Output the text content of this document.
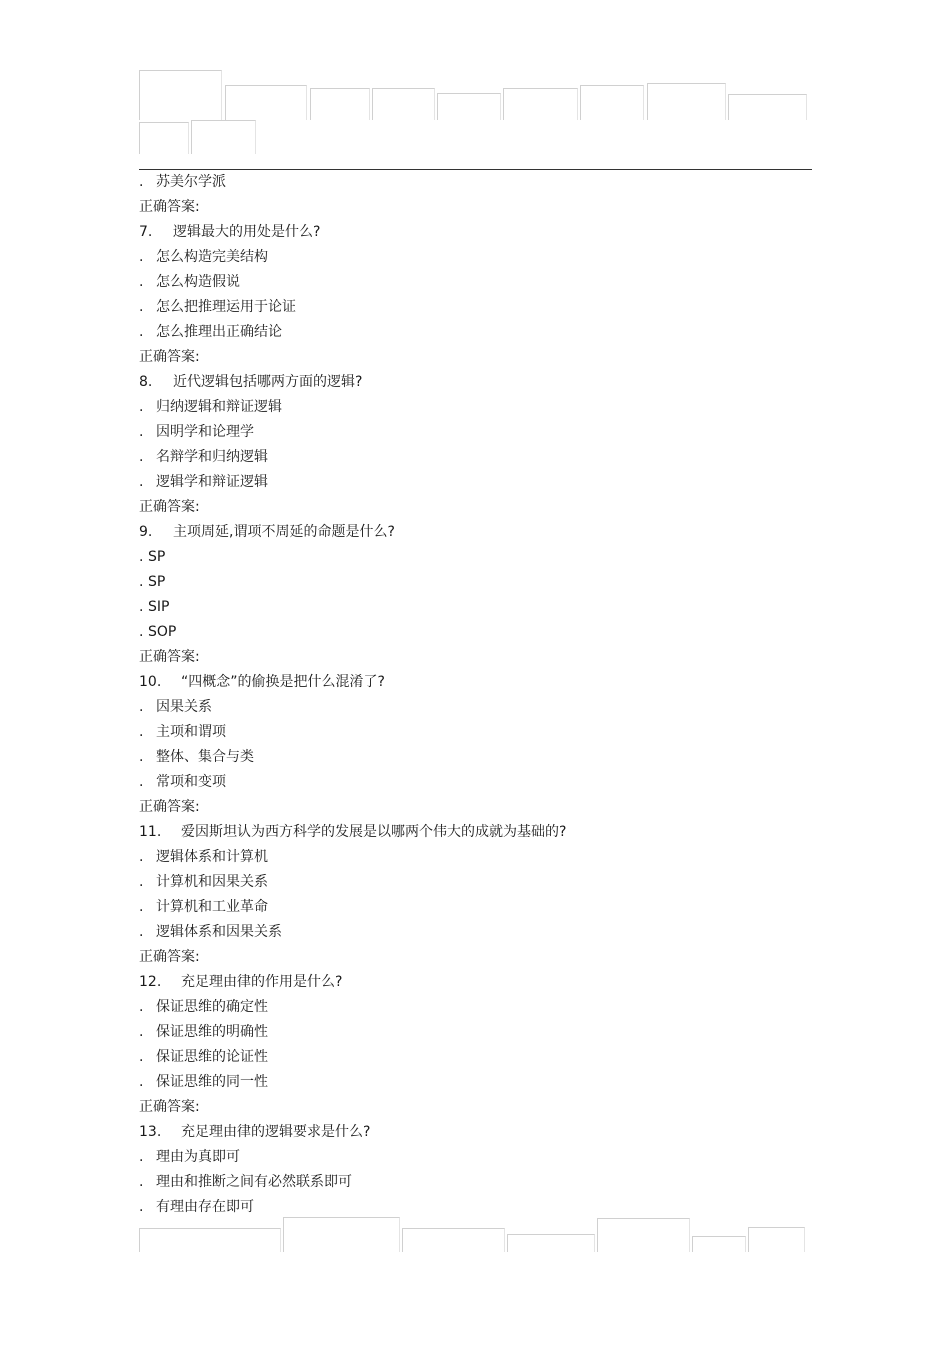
. 苏美尔学派
正确答案:
7. 逻辑最大的用处是什么?
. 怎么构造完美结构
. 怎么构造假说
. 怎么把推理运用于论证
. 怎么推理出正确结论
正确答案:
8. 近代逻辑包括哪两方面的逻辑?
. 归纳逻辑和辩证逻辑
. 因明学和论理学
. 名辩学和归纳逻辑
. 逻辑学和辩证逻辑
正确答案:
9. 主项周延,谓项不周延的命题是什么?
. SP
. SP
. SIP
. SOP
正确答案:
10. “四概念”的偷换是把什么混淆了?
. 因果关系
. 主项和谓项
. 整体、集合与类
. 常项和变项
正确答案:
11. 爱因斯坦认为西方科学的发展是以哪两个伟大的成就为基础的?
. 逻辑体系和计算机
. 计算机和因果关系
. 计算机和工业革命
. 逻辑体系和因果关系
正确答案:
12. 充足理由律的作用是什么?
. 保证思维的确定性
. 保证思维的明确性
. 保证思维的论证性
. 保证思维的同一性
正确答案:
13. 充足理由律的逻辑要求是什么?
. 理由为真即可
. 理由和推断之间有必然联系即可
. 有理由存在即可
